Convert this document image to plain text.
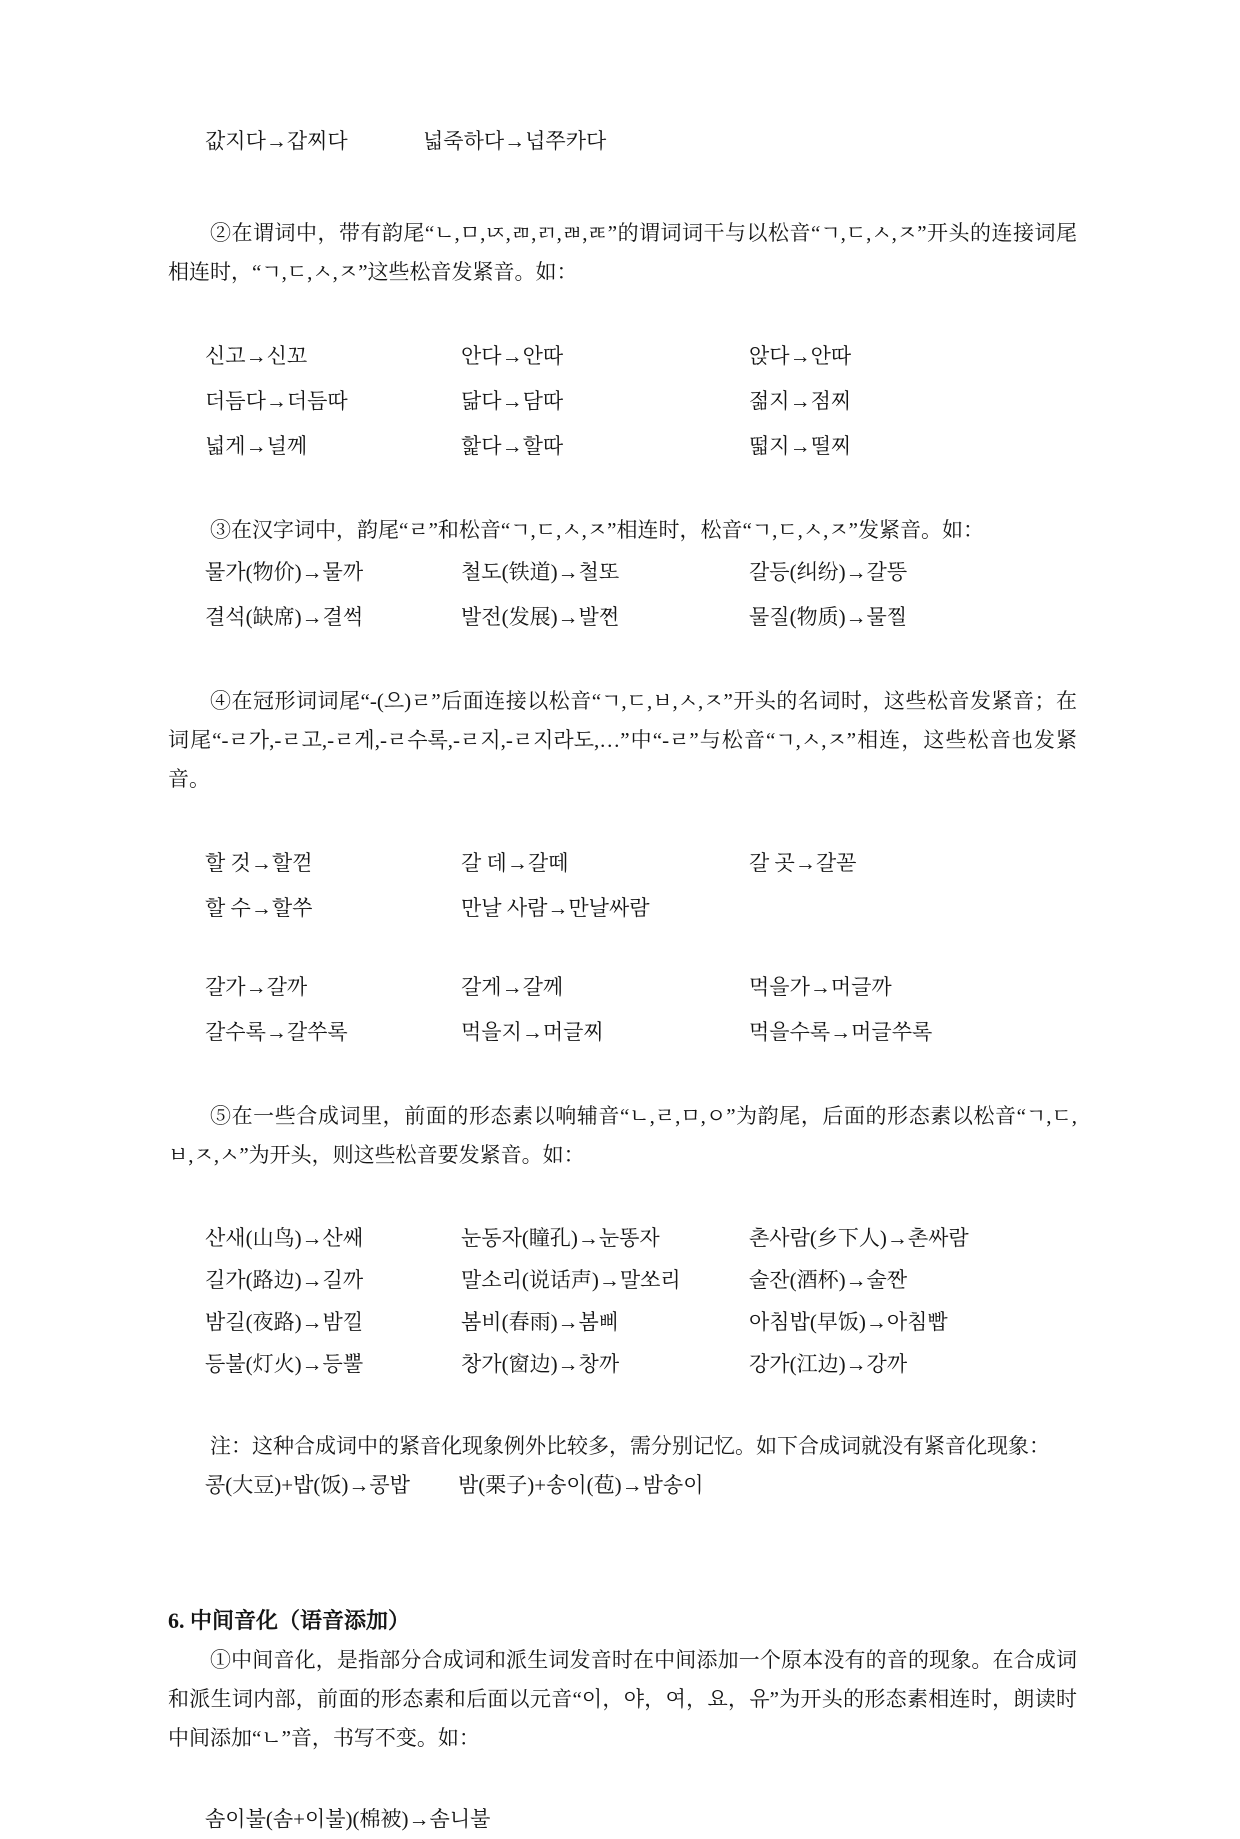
값지다→갑찌다	넓죽하다→넙쭈카다

②在谓词中，带有韵尾“ㄴ,ㅁ,ㄵ,ㄻ,ㄺ,ㄼ,ㄾ”的谓词词干与以松音“ㄱ,ㄷ,ㅅ,ㅈ”开头的连接词尾相连时，“ㄱ,ㄷ,ㅅ,ㅈ”这些松音发紧音。如：

신고→신꼬	안다→안따	앉다→안따
더듬다→더듬따	닮다→담따	젊지→점찌
넓게→널께	핥다→할따	떫지→떨찌

③在汉字词中，韵尾“ㄹ”和松音“ㄱ,ㄷ,ㅅ,ㅈ”相连时，松音“ㄱ,ㄷ,ㅅ,ㅈ”发紧音。如：

물가(物价)→물까	철도(铁道)→철또	갈등(纠纷)→갈뜽
결석(缺席)→결썩	발전(发展)→발쩐	물질(物质)→물찔

④在冠形词词尾“-(으)ㄹ”后面连接以松音“ㄱ,ㄷ,ㅂ,ㅅ,ㅈ”开头的名词时，这些松音发紧音；在词尾“-ㄹ가,-ㄹ고,-ㄹ게,-ㄹ수록,-ㄹ지,-ㄹ지라도,…”中“-ㄹ”与松音“ㄱ,ㅅ,ㅈ”相连，这些松音也发紧音。

할 것→할껃	갈 데→갈떼	갈 곳→갈꼳
할 수→할쑤	만날 사람→만날싸람
갈가→갈까	갈게→갈께	먹을가→머글까
갈수록→갈쑤록	먹을지→머글찌	먹을수록→머글쑤록

⑤在一些合成词里，前面的形态素以响辅音“ㄴ,ㄹ,ㅁ,ㅇ”为韵尾，后面的形态素以松音“ㄱ,ㄷ,ㅂ,ㅈ,ㅅ”为开头，则这些松音要发紧音。如：

산새(山鸟)→산쌔	눈동자(瞳孔)→눈똥자	촌사람(乡下人)→촌싸람
길가(路边)→길까	말소리(说话声)→말쏘리	술잔(酒杯)→술짠
밤길(夜路)→밤낄	봄비(春雨)→봄삐	아침밥(早饭)→아침빱
등불(灯火)→등뿔	창가(窗边)→창까	강가(江边)→강까

注：这种合成词中的紧音化现象例外比较多，需分别记忆。如下合成词就没有紧音化现象：

콩(大豆)+밥(饭)→콩밥 밤(栗子)+송이(苞)→밤송이
6. 中间音化（语音添加）

①中间音化，是指部分合成词和派生词发音时在中间添加一个原本没有的音的现象。在合成词和派生词内部，前面的形态素和后面以元音“이，야，여，요，유”为开头的形态素相连时，朗读时中间添加“ㄴ”音，书写不变。如：

솜이불(솜+이불)(棉被)→솜니불
